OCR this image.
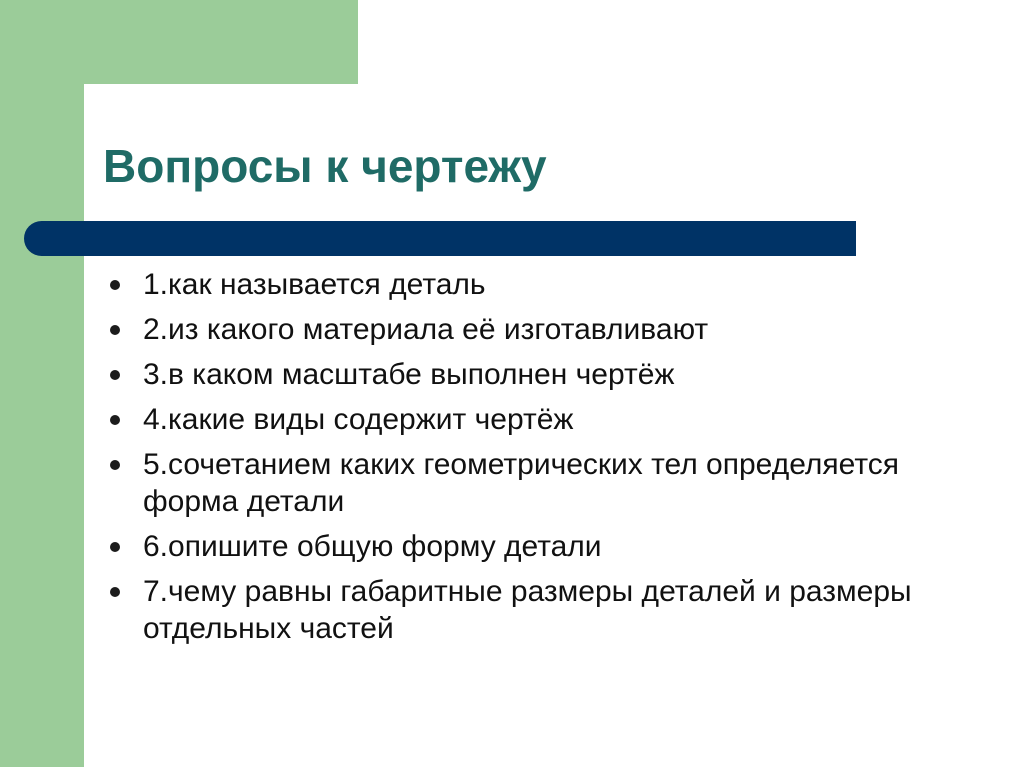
Вопросы к чертежу
1.как называется деталь
2.из какого материала её изготавливают
3.в каком масштабе выполнен чертёж
4.какие виды содержит чертёж
5.сочетанием каких геометрических тел определяется форма детали
6.опишите общую форму детали
7.чему равны габаритные размеры деталей и размеры отдельных частей
